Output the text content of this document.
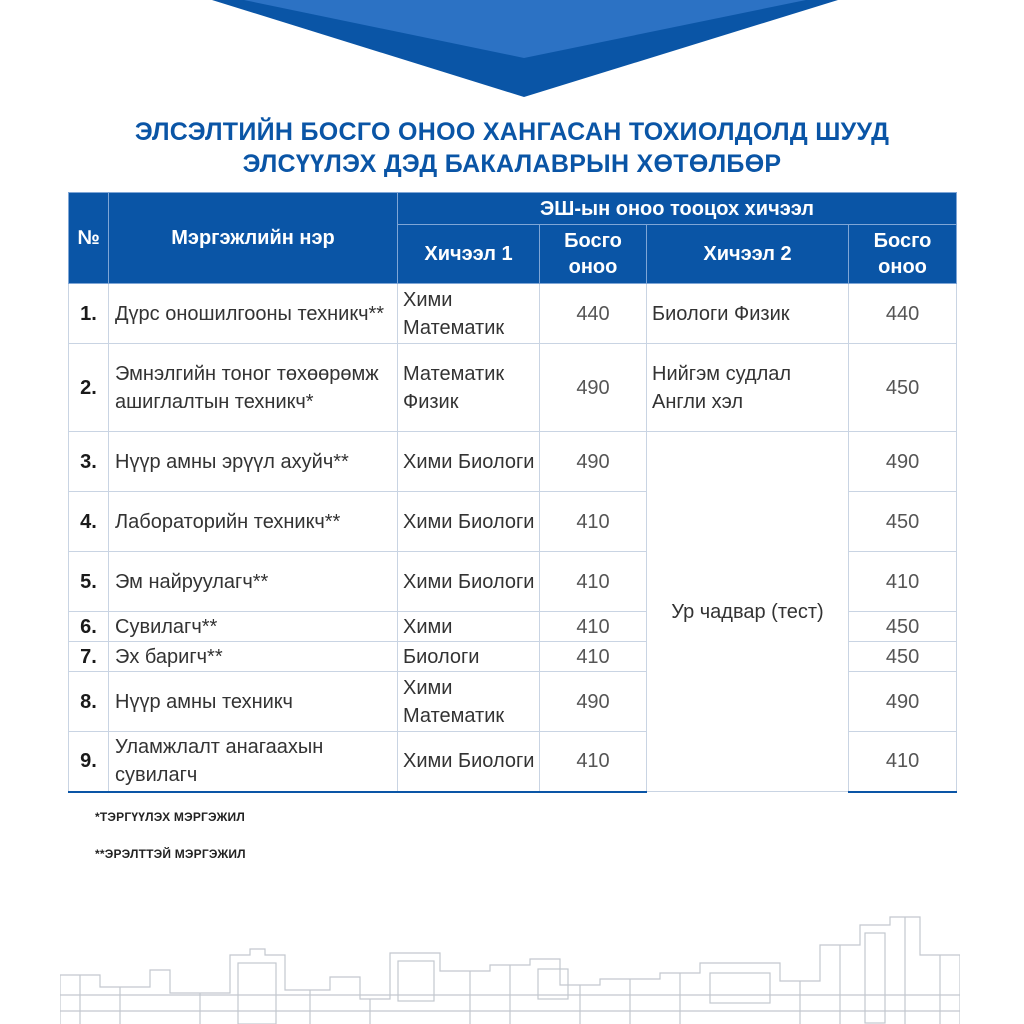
ЭЛСЭЛТИЙН БОСГО ОНОО ХАНГАСАН ТОХИОЛДОЛД ШУУД
ЭЛСҮҮЛЭХ ДЭД БАКАЛАВРЫН ХӨТӨЛБӨР
№	Мэргэжлийн нэр	ЭШ-ын оноо тооцох хичээл			
		Хичээл 1	Босго оноо	Хичээл 2	Босго оноо
1.	Дүрс оношилгооны техникч**	Хими Математик	440	Биологи Физик	440
2.	Эмнэлгийн тоног төхөөрөмж ашиглалтын техникч*	Математик Физик	490	Нийгэм судлал Англи хэл	450
3.	Нүүр амны эрүүл ахуйч**	Хими Биологи	490	Ур чадвар (тест)	490
4.	Лабораторийн техникч**	Хими Биологи	410		450
5.	Эм найруулагч**	Хими Биологи	410		410
6.	Сувилагч**	Хими	410		450
7.	Эх баригч**	Биологи	410		450
8.	Нүүр амны техникч	Хими Математик	490		490
9.	Уламжлалт анагаахын сувилагч	Хими Биологи	410		410
*ТЭРГҮҮЛЭХ МЭРГЭЖИЛ
**ЭРЭЛТТЭЙ МЭРГЭЖИЛ
